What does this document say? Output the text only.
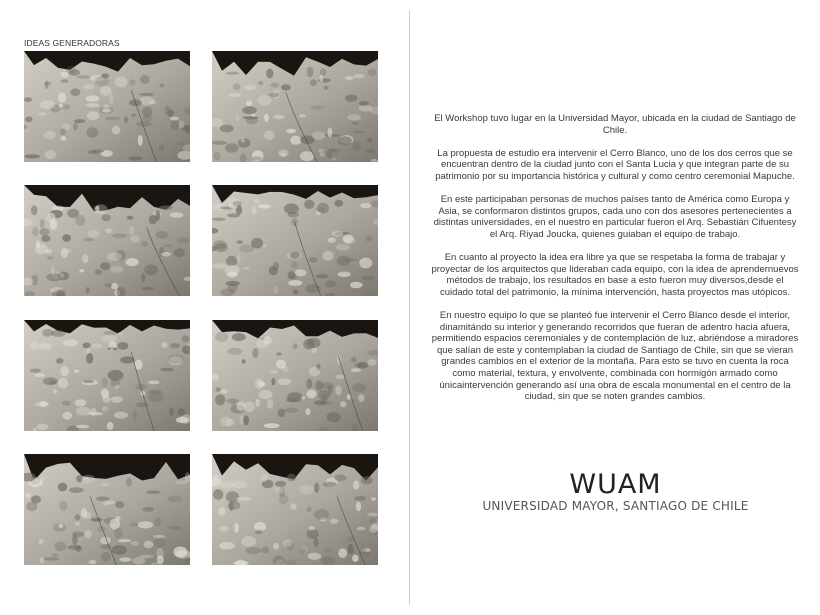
IDEAS GENERADORAS

El Workshop tuvo lugar en la Universidad Mayor, ubicada en la ciudad de Santiago de Chile.

La propuesta de estudio era intervenir el Cerro Blanco, uno de los dos cerros que se encuentran dentro de la ciudad junto con el Santa Lucia y que integran parte de su patrimonio por su importancia histórica y cultural y como centro ceremonial Mapuche.

En este participaban personas de muchos países tanto de América como Europa y Asia, se conformaron distintos grupos, cada uno con dos asesores pertenecientes a distintas universidades, en el nuestro en particular fueron el Arq. Sebastián Cifuentesy el Arq. Riyad Joucka, quienes guiaban el equipo de trabajo.

En cuanto al proyecto la idea era libre ya que se respetaba la forma de trabajar y proyectar de los arquitectos que lideraban cada equipo, con la idea de aprendernuevos métodos de trabajo, los resultados en base a esto fueron muy diversos,desde el cuidado total del patrimonio, la mínima intervención, hasta proyectos mas utópicos.

En nuestro equipo lo que se planteó fue intervenir el Cerro Blanco desde el interior, dinamitándo su interior y generando recorridos que fueran de adentro hacia afuera, permitiendo espacios ceremoniales y de contemplación de luz, abriéndose a miradores que salían de este y contemplaban la ciudad de Santiago de Chile, sin que se vieran grandes cambios en el exterior de la montaña. Para esto se tuvo en cuenta la roca como material, textura, y envolvente, combinada con hormigón armado como únicaintervención generando así una obra de escala monumental en el centro de la ciudad, sin que se noten grandes cambios.

WUAM
UNIVERSIDAD MAYOR, SANTIAGO DE CHILE
